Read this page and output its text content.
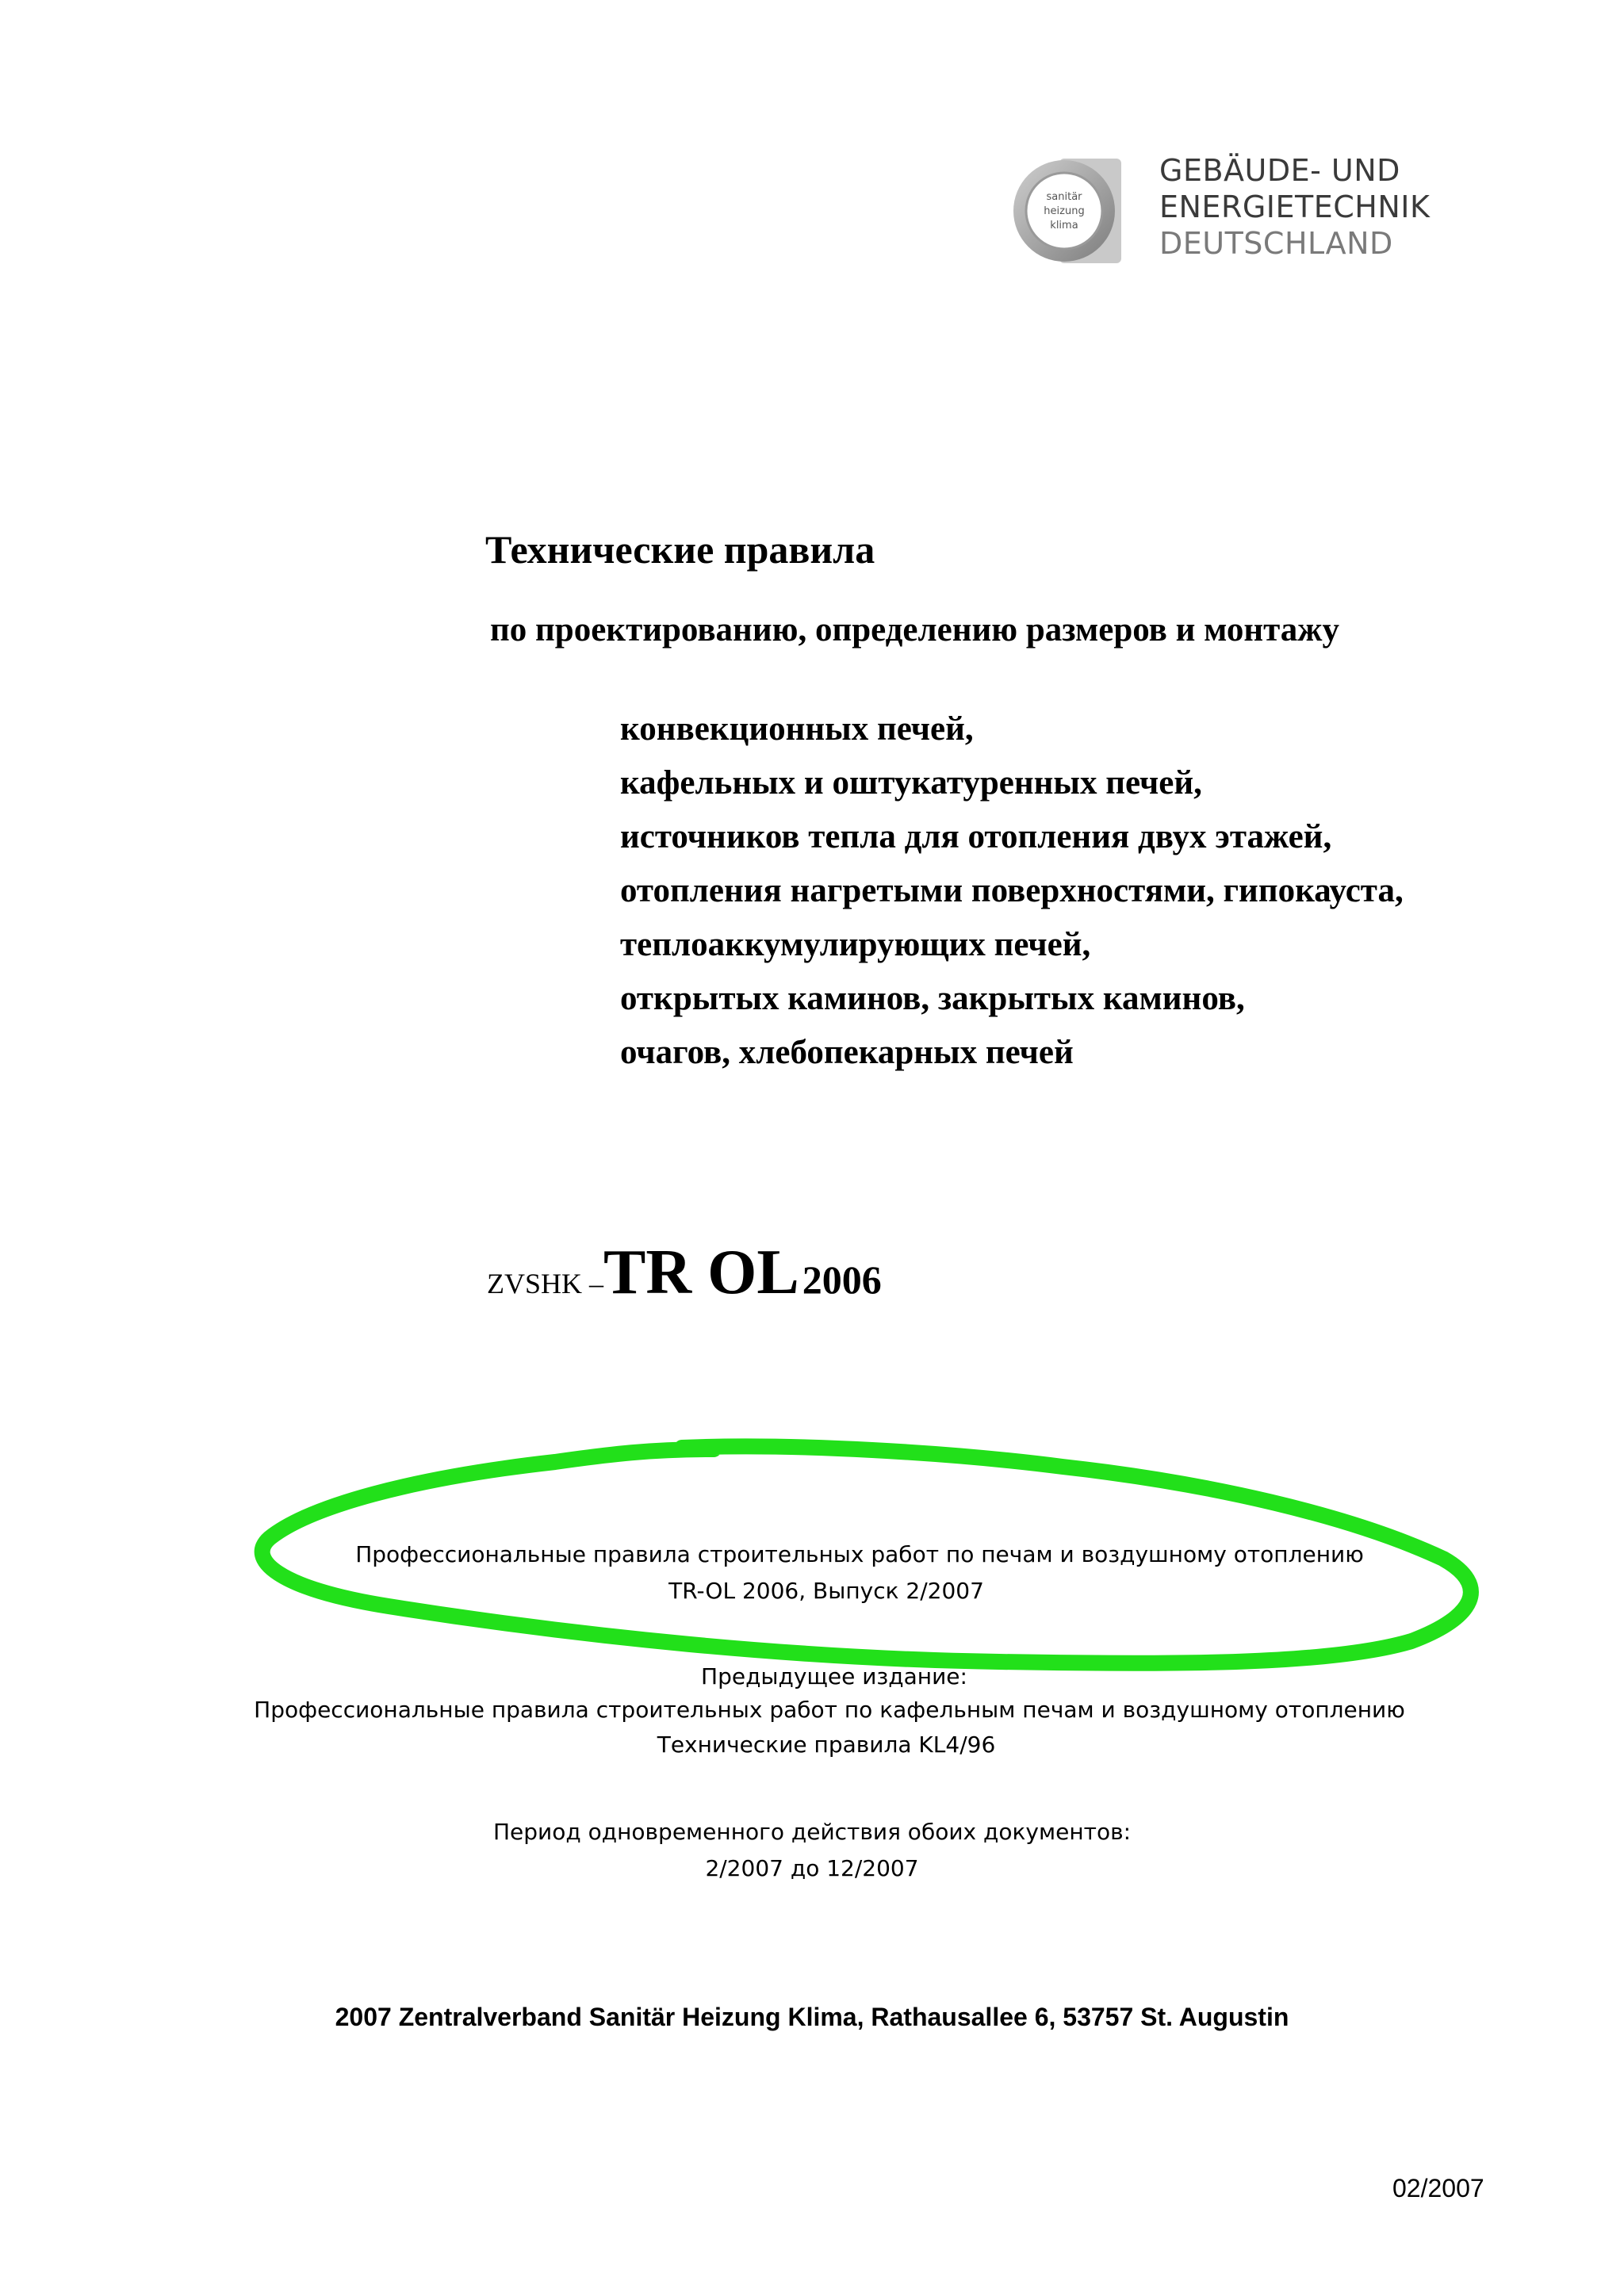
sanitär
heizung
klima
GEBÄUDE- UND
ENERGIETECHNIK
DEUTSCHLAND
Технические правила
по проектированию, определению размеров и монтажу
конвекционных печей,
кафельных и оштукатуренных печей,
источников тепла для отопления двух этажей,
отопления нагретыми поверхностями, гипокауста,
теплоаккумулирующих печей,
открытых каминов, закрытых каминов,
очагов, хлебопекарных печей
ZVSHK –TR OL 2006
Профессиональные правила строительных работ по печам и воздушному отоплению
TR-OL 2006, Выпуск 2/2007
Предыдущее издание:
Профессиональные правила строительных работ по кафельным печам и воздушному отоплению
Технические правила KL4/96
Период одновременного действия обоих документов:
2/2007 до 12/2007
2007 Zentralverband Sanitär Heizung Klima, Rathausallee 6, 53757 St. Augustin
02/2007
